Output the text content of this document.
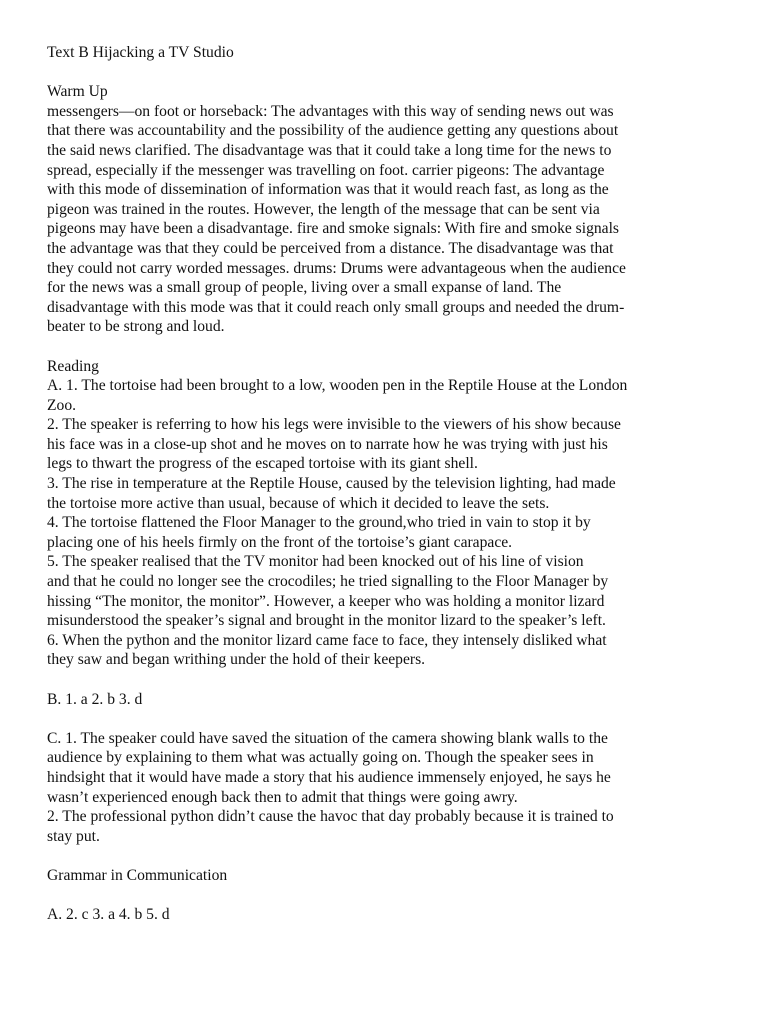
Text B Hijacking a TV Studio
Warm Up
messengers—on foot or horseback: The advantages with this way of sending news out was
that there was accountability and the possibility of the audience getting any questions about
the said news clarified. The disadvantage was that it could take a long time for the news to
spread, especially if the messenger was travelling on foot. carrier pigeons: The advantage
with this mode of dissemination of information was that it would reach fast, as long as the
pigeon was trained in the routes. However, the length of the message that can be sent via
pigeons may have been a disadvantage. fire and smoke signals: With fire and smoke signals
the advantage was that they could be perceived from a distance. The disadvantage was that
they could not carry worded messages. drums: Drums were advantageous when the audience
for the news was a small group of people, living over a small expanse of land. The
disadvantage with this mode was that it could reach only small groups and needed the drum-
beater to be strong and loud.
Reading
A. 1. The tortoise had been brought to a low, wooden pen in the Reptile House at the London
Zoo.
2. The speaker is referring to how his legs were invisible to the viewers of his show because
his face was in a close-up shot and he moves on to narrate how he was trying with just his
legs to thwart the progress of the escaped tortoise with its giant shell.
3. The rise in temperature at the Reptile House, caused by the television lighting, had made
the tortoise more active than usual, because of which it decided to leave the sets.
4. The tortoise flattened the Floor Manager to the ground,who tried in vain to stop it by
placing one of his heels firmly on the front of the tortoise’s giant carapace.
5. The speaker realised that the TV monitor had been knocked out of his line of vision
and that he could no longer see the crocodiles; he tried signalling to the Floor Manager by
hissing “The monitor, the monitor”. However, a keeper who was holding a monitor lizard
misunderstood the speaker’s signal and brought in the monitor lizard to the speaker’s left.
6. When the python and the monitor lizard came face to face, they intensely disliked what
they saw and began writhing under the hold of their keepers.
B. 1. a 2. b 3. d
C. 1. The speaker could have saved the situation of the camera showing blank walls to the
audience by explaining to them what was actually going on. Though the speaker sees in
hindsight that it would have made a story that his audience immensely enjoyed, he says he
wasn’t experienced enough back then to admit that things were going awry.
2. The professional python didn’t cause the havoc that day probably because it is trained to
stay put.
Grammar in Communication
A. 2. c 3. a 4. b 5. d
